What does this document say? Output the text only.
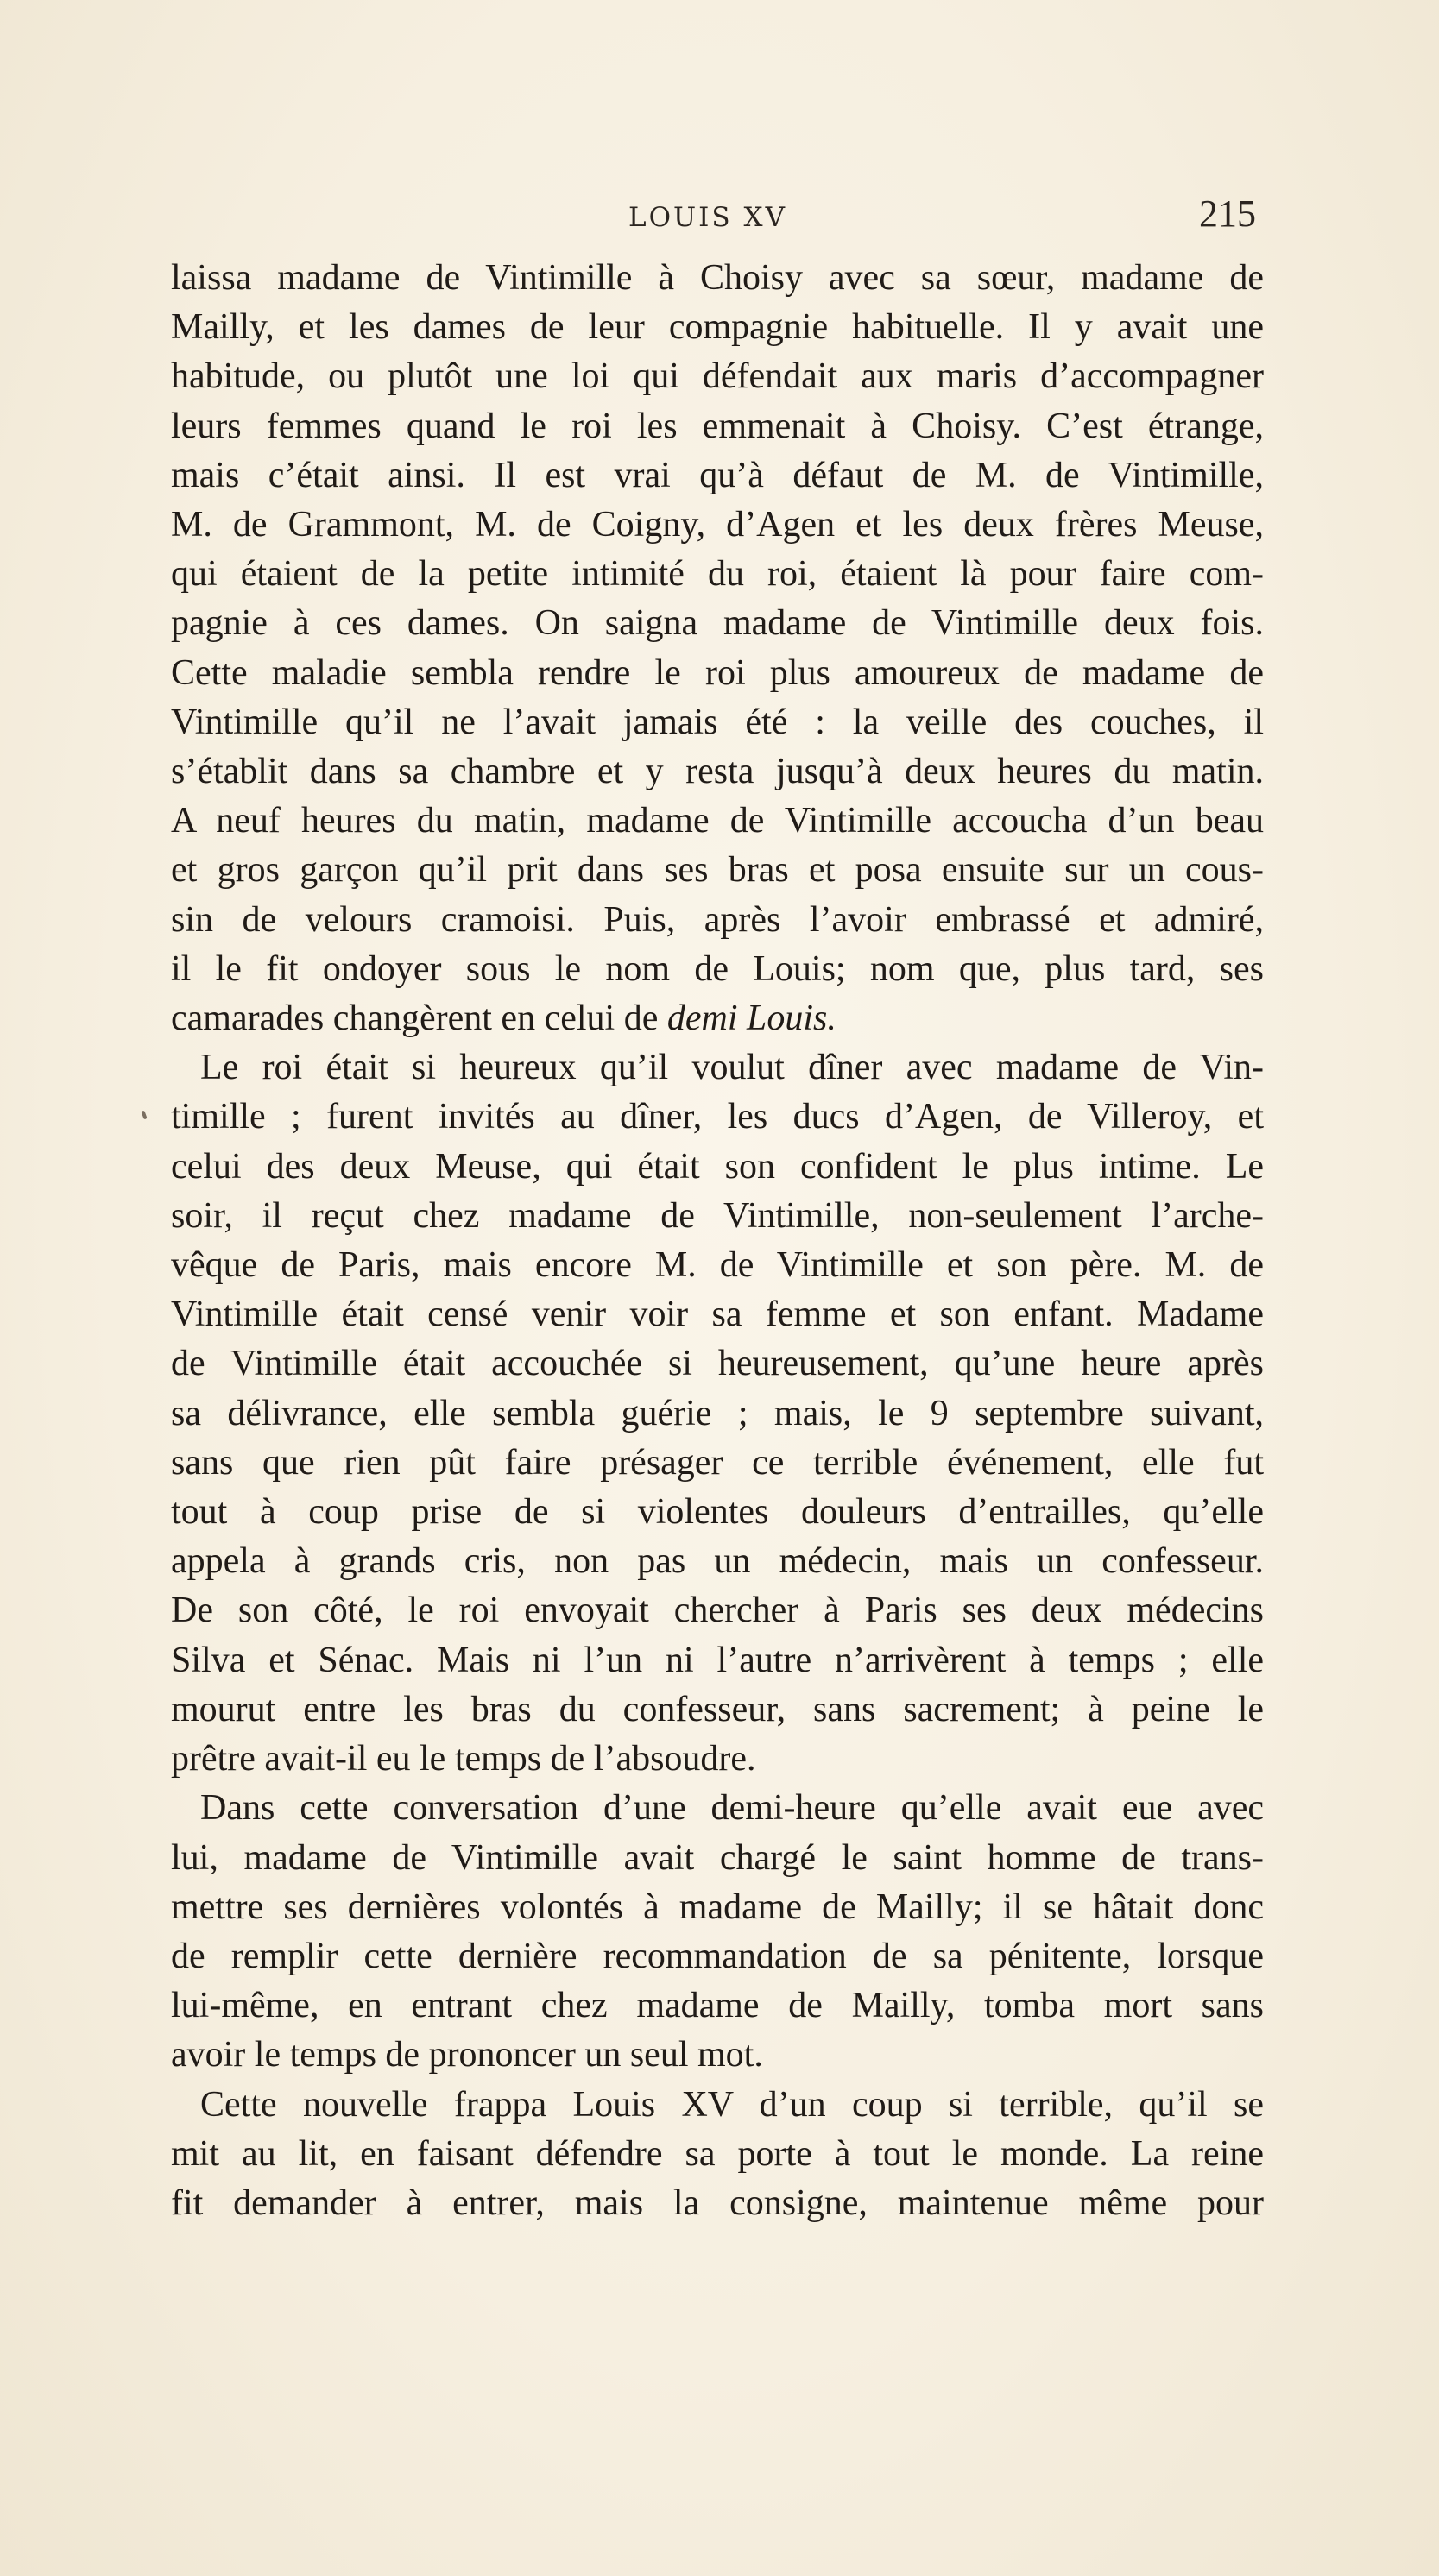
LOUIS XV	215

laissa madame de Vintimille à Choisy avec sa sœur, madame de

Mailly, et les dames de leur compagnie habituelle. Il y avait une

habitude, ou plutôt une loi qui défendait aux maris d’accompagner

leurs femmes quand le roi les emmenait à Choisy. C’est étrange,

mais c’était ainsi. Il est vrai qu’à défaut de M. de Vintimille,

M. de Grammont, M. de Coigny, d’Agen et les deux frères Meuse,

qui étaient de la petite intimité du roi, étaient là pour faire com-

pagnie à ces dames. On saigna madame de Vintimille deux fois.

Cette maladie sembla rendre le roi plus amoureux de madame de

Vintimille qu’il ne l’avait jamais été : la veille des couches, il

s’établit dans sa chambre et y resta jusqu’à deux heures du matin.

A neuf heures du matin, madame de Vintimille accoucha d’un beau

et gros garçon qu’il prit dans ses bras et posa ensuite sur un cous-

sin de velours cramoisi. Puis, après l’avoir embrassé et admiré,

il le fit ondoyer sous le nom de Louis; nom que, plus tard, ses

camarades changèrent en celui de demi Louis.

Le roi était si heureux qu’il voulut dîner avec madame de Vin-

timille ; furent invités au dîner, les ducs d’Agen, de Villeroy, et

celui des deux Meuse, qui était son confident le plus intime. Le

soir, il reçut chez madame de Vintimille, non-seulement l’arche-

vêque de Paris, mais encore M. de Vintimille et son père. M. de

Vintimille était censé venir voir sa femme et son enfant. Madame

de Vintimille était accouchée si heureusement, qu’une heure après

sa délivrance, elle sembla guérie ; mais, le 9 septembre suivant,

sans que rien pût faire présager ce terrible événement, elle fut

tout à coup prise de si violentes douleurs d’entrailles, qu’elle

appela à grands cris, non pas un médecin, mais un confesseur.

De son côté, le roi envoyait chercher à Paris ses deux médecins

Silva et Sénac. Mais ni l’un ni l’autre n’arrivèrent à temps ; elle

mourut entre les bras du confesseur, sans sacrement; à peine le

prêtre avait-il eu le temps de l’absoudre.

Dans cette conversation d’une demi-heure qu’elle avait eue avec

lui, madame de Vintimille avait chargé le saint homme de trans-

mettre ses dernières volontés à madame de Mailly; il se hâtait donc

de remplir cette dernière recommandation de sa pénitente, lorsque

lui-même, en entrant chez madame de Mailly, tomba mort sans

avoir le temps de prononcer un seul mot.

Cette nouvelle frappa Louis XV d’un coup si terrible, qu’il se

mit au lit, en faisant défendre sa porte à tout le monde. La reine

fit demander à entrer, mais la consigne, maintenue même pour
